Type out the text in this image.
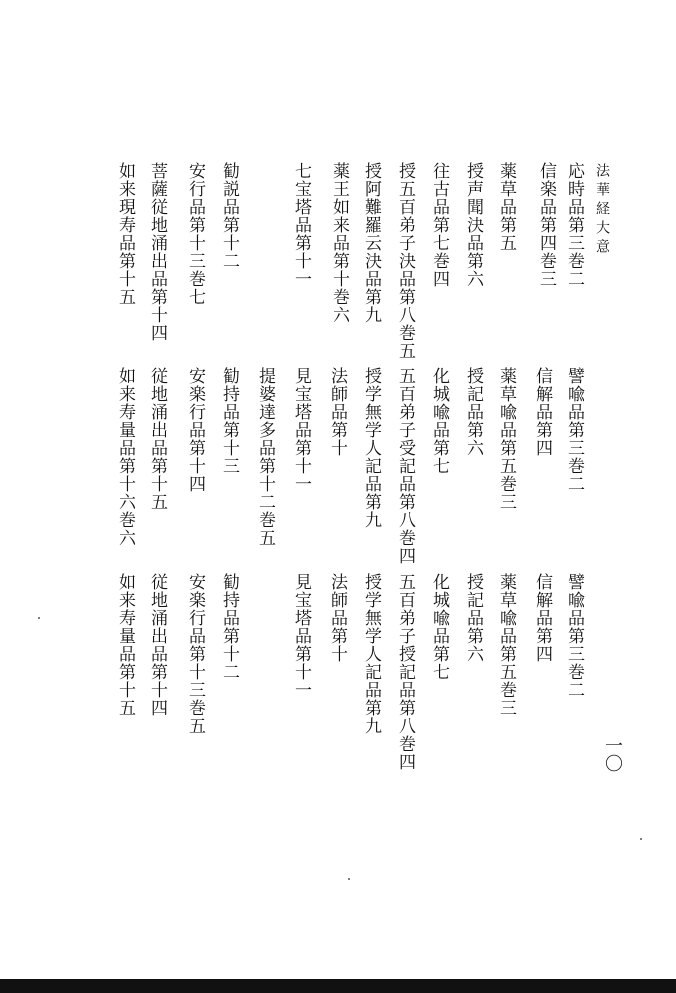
法華経大意
一〇
応時品第三巻二
信楽品第四巻三
薬草品第五
授声聞決品第六
往古品第七巻四
授五百弟子決品第八巻五
授阿難羅云決品第九
薬王如来品第十巻六
七宝塔品第十一
勧説品第十二
安行品第十三巻七
菩薩従地涌出品第十四
如来現寿品第十五
譬喩品第三巻二
信解品第四
薬草喩品第五巻三
授記品第六
化城喩品第七
五百弟子受記品第八巻四
授学無学人記品第九
法師品第十
見宝塔品第十一
提婆達多品第十二巻五
勧持品第十三
安楽行品第十四
従地涌出品第十五
如来寿量品第十六巻六
譬喩品第三巻二
信解品第四
薬草喩品第五巻三
授記品第六
化城喩品第七
五百弟子授記品第八巻四
授学無学人記品第九
法師品第十
見宝塔品第十一
勧持品第十二
安楽行品第十三巻五
従地涌出品第十四
如来寿量品第十五
